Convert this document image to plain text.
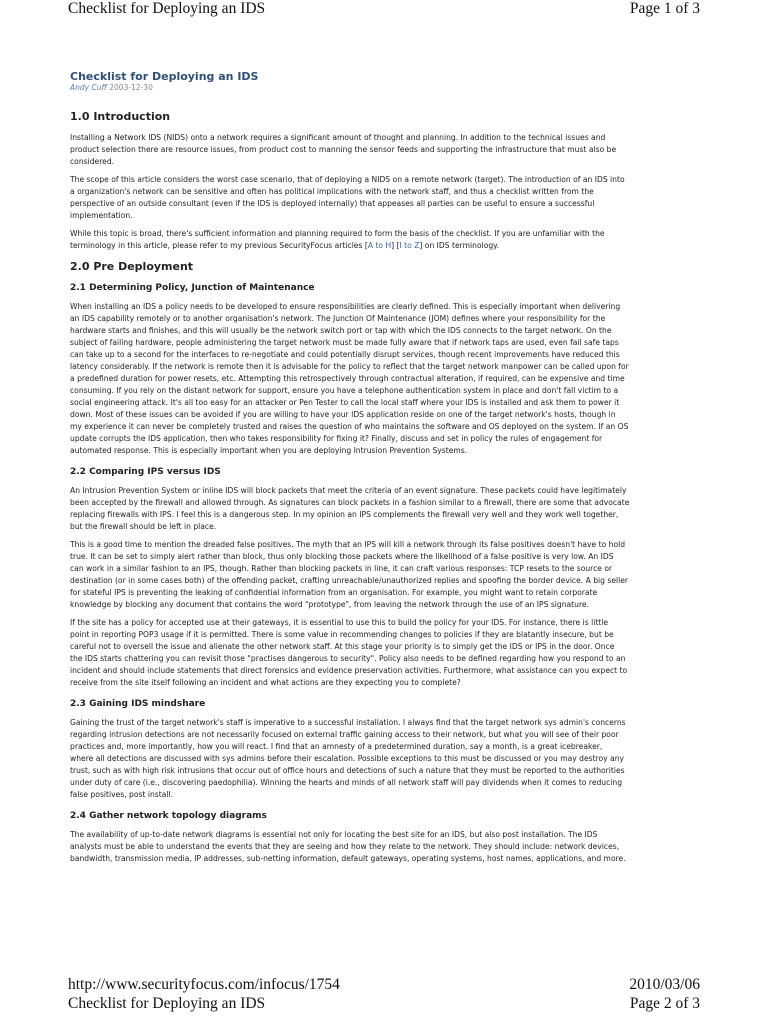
Checklist for Deploying an IDS	Page 1 of 3
Checklist for Deploying an IDS
Andy Cuff 2003-12-30
1.0 Introduction

Installing a Network IDS (NIDS) onto a network requires a significant amount of thought and planning. In addition to the technical issues and
product selection there are resource issues, from product cost to manning the sensor feeds and supporting the infrastructure that must also be
considered.

The scope of this article considers the worst case scenario, that of deploying a NIDS on a remote network (target). The introduction of an IDS into
a organization's network can be sensitive and often has political implications with the network staff, and thus a checklist written from the
perspective of an outside consultant (even if the IDS is deployed internally) that appeases all parties can be useful to ensure a successful
implementation.

While this topic is broad, there's sufficient information and planning required to form the basis of the checklist. If you are unfamiliar with the
terminology in this article, please refer to my previous SecurityFocus articles [A to H] [I to Z] on IDS terminology.

2.0 Pre Deployment
2.1 Determining Policy, Junction of Maintenance

When installing an IDS a policy needs to be developed to ensure responsibilities are clearly defined. This is especially important when delivering
an IDS capability remotely or to another organisation's network. The Junction Of Maintenance (JOM) defines where your responsibility for the
hardware starts and finishes, and this will usually be the network switch port or tap with which the IDS connects to the target network. On the
subject of failing hardware, people administering the target network must be made fully aware that if network taps are used, even fail safe taps
can take up to a second for the interfaces to re-negotiate and could potentially disrupt services, though recent improvements have reduced this
latency considerably. If the network is remote then it is advisable for the policy to reflect that the target network manpower can be called upon for
a predefined duration for power resets, etc. Attempting this retrospectively through contractual alteration, if required, can be expensive and time
consuming. If you rely on the distant network for support, ensure you have a telephone authentication system in place and don't fall victim to a
social engineering attack. It's all too easy for an attacker or Pen Tester to call the local staff where your IDS is installed and ask them to power it
down. Most of these issues can be avoided if you are willing to have your IDS application reside on one of the target network's hosts, though in
my experience it can never be completely trusted and raises the question of who maintains the software and OS deployed on the system. If an OS
update corrupts the IDS application, then who takes responsibility for fixing it? Finally, discuss and set in policy the rules of engagement for
automated response. This is especially important when you are deploying Intrusion Prevention Systems.

2.2 Comparing IPS versus IDS

An Intrusion Prevention System or inline IDS will block packets that meet the criteria of an event signature. These packets could have legitimately
been accepted by the firewall and allowed through. As signatures can block packets in a fashion similar to a firewall, there are some that advocate
replacing firewalls with IPS. I feel this is a dangerous step. In my opinion an IPS complements the firewall very well and they work well together,
but the firewall should be left in place.

This is a good time to mention the dreaded false positives. The myth that an IPS will kill a network through its false positives doesn't have to hold
true. It can be set to simply alert rather than block, thus only blocking those packets where the likelihood of a false positive is very low. An IDS
can work in a similar fashion to an IPS, though. Rather than blocking packets in line, it can craft various responses: TCP resets to the source or
destination (or in some cases both) of the offending packet, crafting unreachable/unauthorized replies and spoofing the border device. A big seller
for stateful IPS is preventing the leaking of confidential information from an organisation. For example, you might want to retain corporate
knowledge by blocking any document that contains the word "prototype", from leaving the network through the use of an IPS signature.

If the site has a policy for accepted use at their gateways, it is essential to use this to build the policy for your IDS. For instance, there is little
point in reporting POP3 usage if it is permitted. There is some value in recommending changes to policies if they are blatantly insecure, but be
careful not to oversell the issue and alienate the other network staff. At this stage your priority is to simply get the IDS or IPS in the door. Once
the IDS starts chattering you can revisit those "practises dangerous to security". Policy also needs to be defined regarding how you respond to an
incident and should include statements that direct forensics and evidence preservation activities. Furthermore, what assistance can you expect to
receive from the site itself following an incident and what actions are they expecting you to complete?

2.3 Gaining IDS mindshare

Gaining the trust of the target network's staff is imperative to a successful installation. I always find that the target network sys admin's concerns
regarding intrusion detections are not necessarily focused on external traffic gaining access to their network, but what you will see of their poor
practices and, more importantly, how you will react. I find that an amnesty of a predetermined duration, say a month, is a great icebreaker,
where all detections are discussed with sys admins before their escalation. Possible exceptions to this must be discussed or you may destroy any
trust, such as with high risk intrusions that occur out of office hours and detections of such a nature that they must be reported to the authorities
under duty of care (i.e., discovering paedophilia). Winning the hearts and minds of all network staff will pay dividends when it comes to reducing
false positives, post install.

2.4 Gather network topology diagrams

The availability of up-to-date network diagrams is essential not only for locating the best site for an IDS, but also post installation. The IDS
analysts must be able to understand the events that they are seeing and how they relate to the network. They should include: network devices,
bandwidth, transmission media, IP addresses, sub-netting information, default gateways, operating systems, host names, applications, and more.

http://www.securityfocus.com/infocus/1754	2010/03/06
Checklist for Deploying an IDS	Page 2 of 3
